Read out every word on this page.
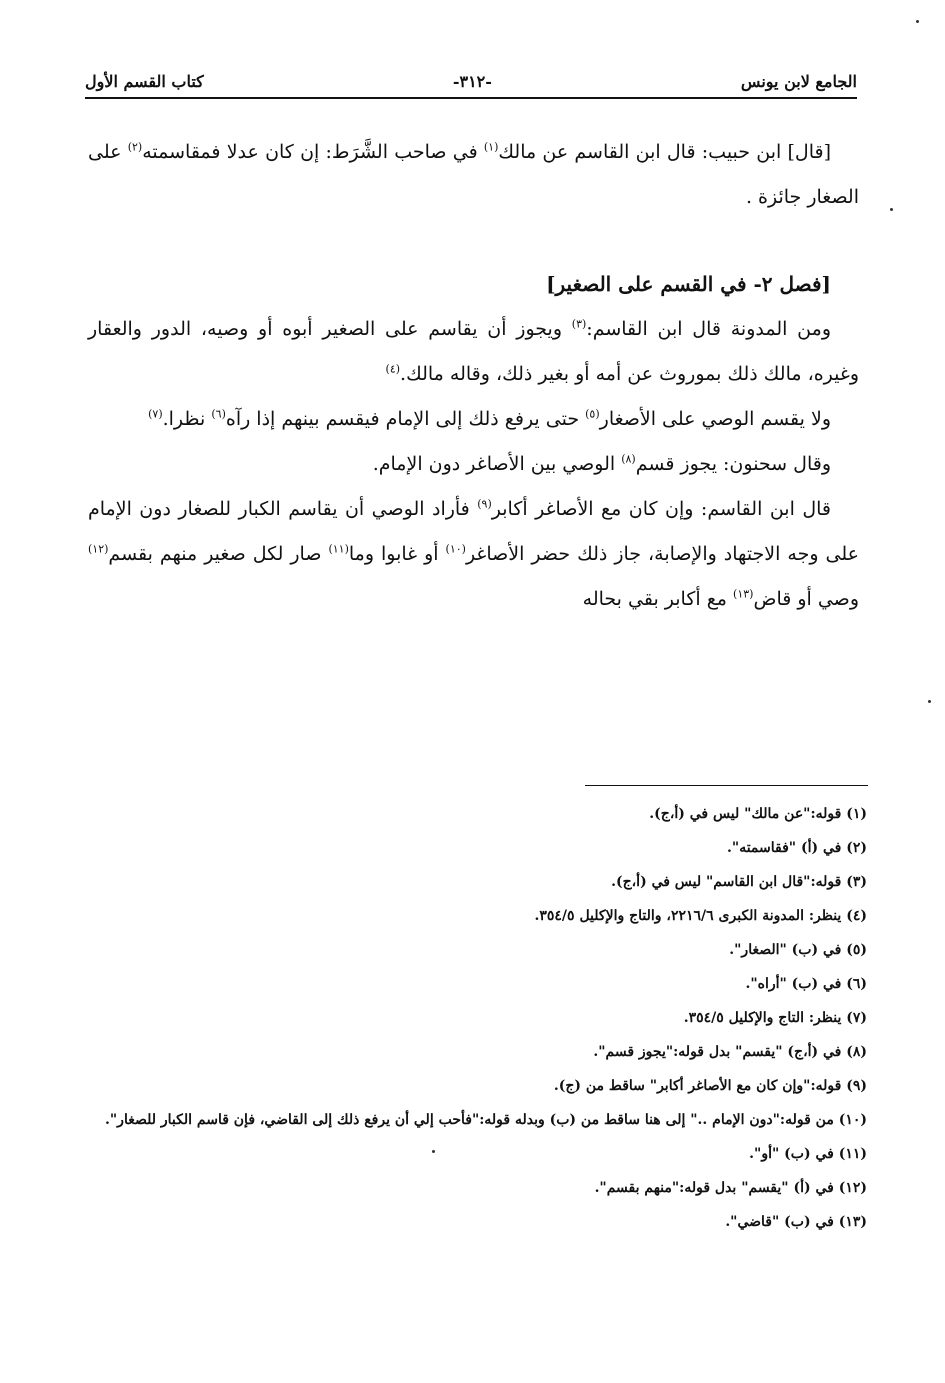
الجامع لابن يونس
-٣١٢-
كتاب القسم الأول

[قال] ابن حبيب: قال ابن القاسم عن مالك$^{(١)}$ في صاحب الشَّرَط: إن كان عدلا فمقاسمته$^{(٢)}$ على الصغار جائزة .

[فصل ٢- في القسم على الصغير]

ومن المدونة قال ابن القاسم:$^{(٣)}$ ويجوز أن يقاسم على الصغير أبوه أو وصيه، الدور والعقار وغيره، مالك ذلك بموروث عن أمه أو بغير ذلك، وقاله مالك.$^{(٤)}$

ولا يقسم الوصي على الأصغار$^{(٥)}$ حتى يرفع ذلك إلى الإمام فيقسم بينهم إذا رآه$^{(٦)}$ نظرا.$^{(٧)}$

وقال سحنون: يجوز قسم$^{(٨)}$ الوصي بين الأصاغر دون الإمام.

قال ابن القاسم: وإن كان مع الأصاغر أكابر$^{(٩)}$ فأراد الوصي أن يقاسم الكبار للصغار دون الإمام على وجه الاجتهاد والإصابة، جاز ذلك حضر الأصاغر$^{(١٠)}$ أو غابوا وما$^{(١١)}$ صار لكل صغير منهم بقسم$^{(١٢)}$ وصي أو قاض$^{(١٣)}$ مع أكابر بقي بحاله

(١) قوله:"عن مالك" ليس في (أ،ج).

(٢) في (أ) "فقاسمته".

(٣) قوله:"قال ابن القاسم" ليس في (أ،ج).

(٤) ينظر: المدونة الكبرى ٢٢١٦/٦، والتاج والإكليل ٣٥٤/٥.

(٥) في (ب) "الصغار".

(٦) في (ب) "أراه".

(٧) ينظر: التاج والإكليل ٣٥٤/٥.

(٨) في (أ،ج) "يقسم" بدل قوله:"يجوز قسم".

(٩) قوله:"وإن كان مع الأصاغر أكابر" ساقط من (ج).

(١٠) من قوله:"دون الإمام .." إلى هنا ساقط من (ب) وبدله قوله:"فأحب إلي أن يرفع ذلك إلى القاضي، فإن قاسم الكبار للصغار".

(١١) في (ب) "أو".

(١٢) في (أ) "يقسم" بدل قوله:"منهم بقسم".

(١٣) في (ب) "قاضي".
